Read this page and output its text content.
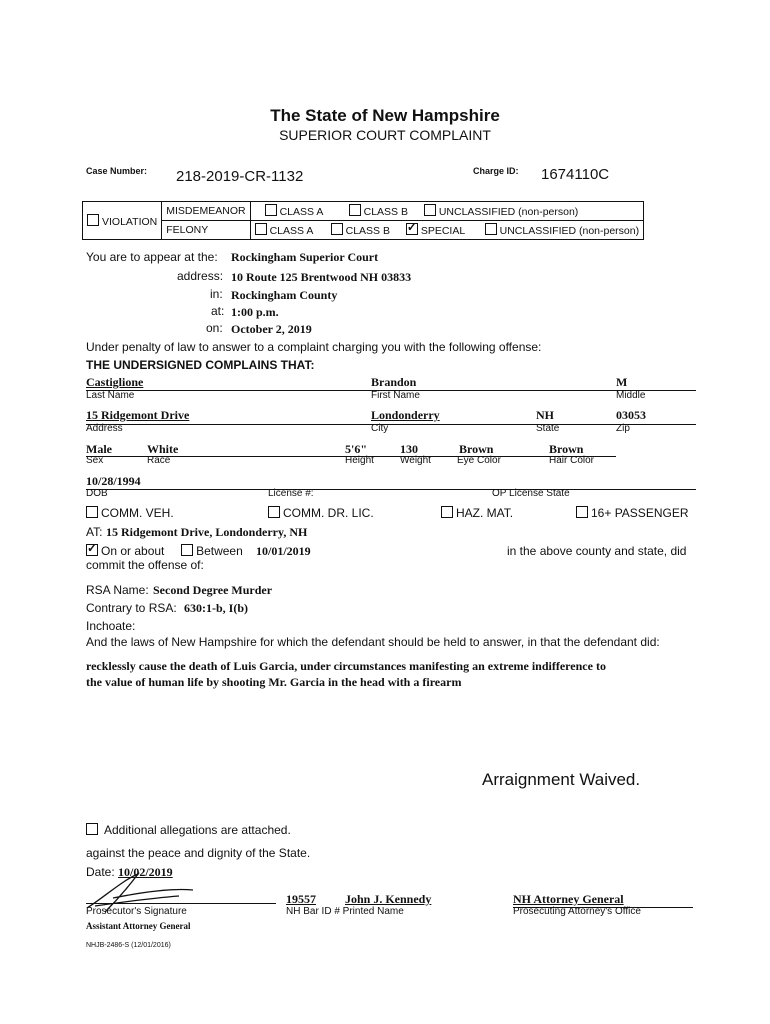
The State of New Hampshire
SUPERIOR COURT COMPLAINT
Case Number: 218-2019-CR-1132	Charge ID: 1674110C
VIOLATION	MISDEMEANOR	CLASS A CLASS B UNCLASSIFIED (non-person)
	FELONY	CLASS A CLASS B ✓ SPECIAL UNCLASSIFIED (non-person)
You are to appear at the: Rockingham Superior Court
address: 10 Route 125 Brentwood NH 03833
in: Rockingham County
at: 1:00 p.m.
on: October 2, 2019
Under penalty of law to answer to a complaint charging you with the following offense:
THE UNDERSIGNED COMPLAINS THAT:
Castiglione	Brandon	M
Last Name	First Name	Middle
15 Ridgemont Drive	Londonderry	NH	03053
Address	City	State	Zip
Male	White	5'6"	130	Brown	Brown
Sex	Race	Height	Weight	Eye Color	Hair Color
10/28/1994
DOB	License #:	OP License State
COMM. VEH.	COMM. DR. LIC.	HAZ. MAT.	16+ PASSENGER
AT: 15 Ridgemont Drive, Londonderry, NH
✓On or about	Between 10/01/2019	in the above county and state, did
commit the offense of:
RSA Name: Second Degree Murder
Contrary to RSA: 630:1-b, I(b)
Inchoate:
And the laws of New Hampshire for which the defendant should be held to answer, in that the defendant did:
recklessly cause the death of Luis Garcia, under circumstances manifesting an extreme indifference to
the value of human life by shooting Mr. Garcia in the head with a firearm
Arraignment Waived.
Additional allegations are attached.
against the peace and dignity of the State.
Date: 10/02/2019
19557 John J. Kennedy	NH Attorney General
Prosecutor's Signature	NH Bar ID # Printed Name	Prosecuting Attorney's Office
Assistant Attorney General
NHJB-2486-S (12/01/2016)
